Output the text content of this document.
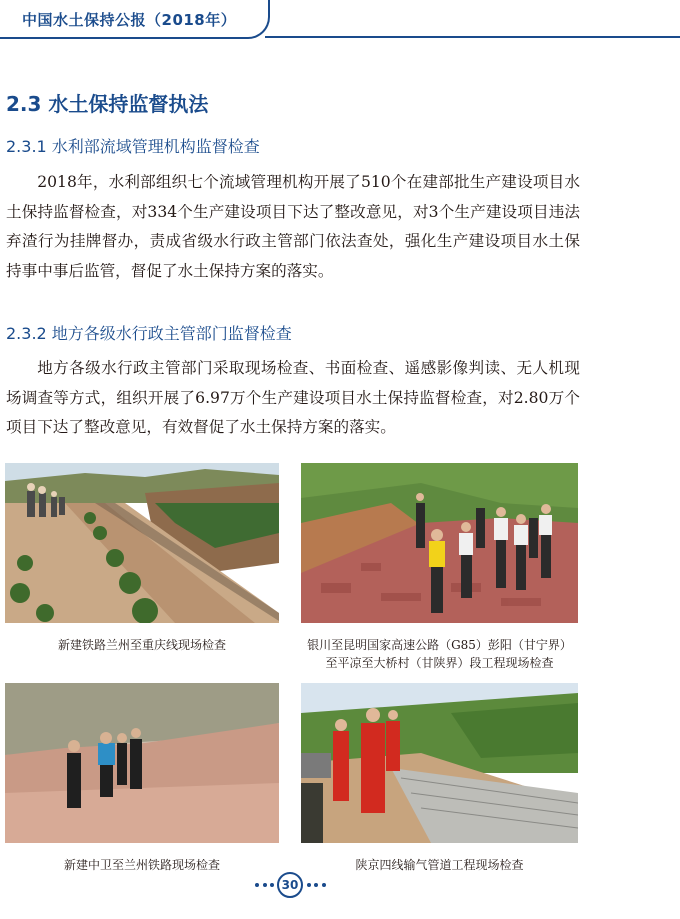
中国水土保持公报（2018年）
2.3 水土保持监督执法
2.3.1 水利部流域管理机构监督检查

2018年，水利部组织七个流域管理机构开展了510个在建部批生产建设项目水土保持监督检查，对334个生产建设项目下达了整改意见，对3个生产建设项目违法弃渣行为挂牌督办，责成省级水行政主管部门依法查处，强化生产建设项目水土保持事中事后监管，督促了水土保持方案的落实。

2.3.2 地方各级水行政主管部门监督检查

地方各级水行政主管部门采取现场检查、书面检查、遥感影像判读、无人机现场调查等方式，组织开展了6.97万个生产建设项目水土保持监督检查，对2.80万个项目下达了整改意见，有效督促了水土保持方案的落实。

新建铁路兰州至重庆线现场检查	银川至昆明国家高速公路（G85）彭阳（甘宁界）
至平凉至大桥村（甘陕界）段工程现场检查
新建中卫至兰州铁路现场检查	陕京四线输气管道工程现场检查
30
